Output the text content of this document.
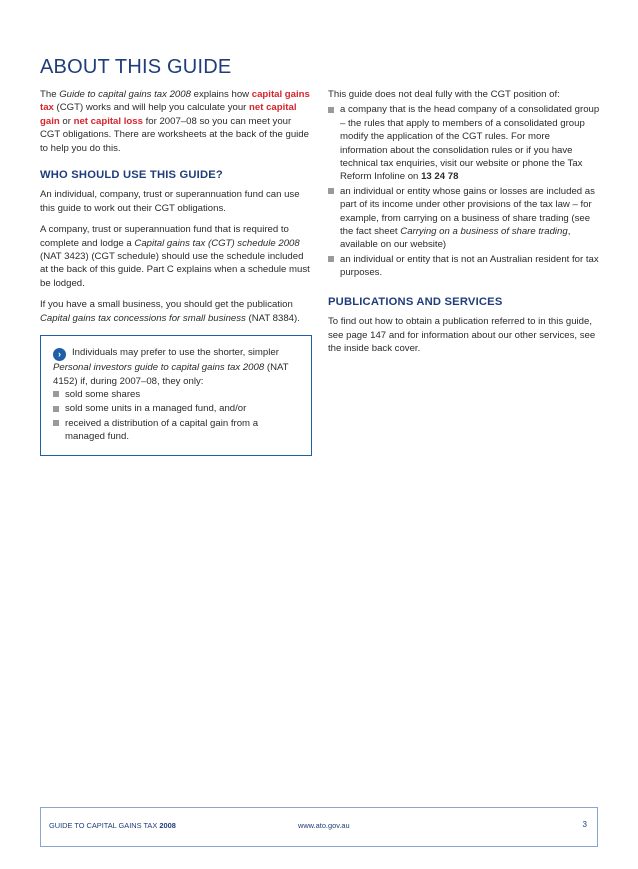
ABOUT THIS GUIDE

The Guide to capital gains tax 2008 explains how capital gains tax (CGT) works and will help you calculate your net capital gain or net capital loss for 2007–08 so you can meet your CGT obligations. There are worksheets at the back of the guide to help you do this.

WHO SHOULD USE THIS GUIDE?

An individual, company, trust or superannuation fund can use this guide to work out their CGT obligations.

A company, trust or superannuation fund that is required to complete and lodge a Capital gains tax (CGT) schedule 2008 (NAT 3423) (CGT schedule) should use the schedule included at the back of this guide. Part C explains when a schedule must be lodged.

If you have a small business, you should get the publication Capital gains tax concessions for small business (NAT 8384).

› Individuals may prefer to use the shorter, simpler Personal investors guide to capital gains tax 2008 (NAT 4152) if, during 2007–08, they only:

sold some shares
sold some units in a managed fund, and/or
received a distribution of a capital gain from a managed fund.

This guide does not deal fully with the CGT position of:

a company that is the head company of a consolidated group – the rules that apply to members of a consolidated group modify the application of the CGT rules. For more information about the consolidation rules or if you have technical tax enquiries, visit our website or phone the Tax Reform Infoline on 13 24 78
an individual or entity whose gains or losses are included as part of its income under other provisions of the tax law – for example, from carrying on a business of share trading (see the fact sheet Carrying on a business of share trading, available on our website)
an individual or entity that is not an Australian resident for tax purposes.
PUBLICATIONS AND SERVICES

To find out how to obtain a publication referred to in this guide, see page 147 and for information about our other services, see the inside back cover.

GUIDE TO CAPITAL GAINS TAX 2008	www.ato.gov.au	3
